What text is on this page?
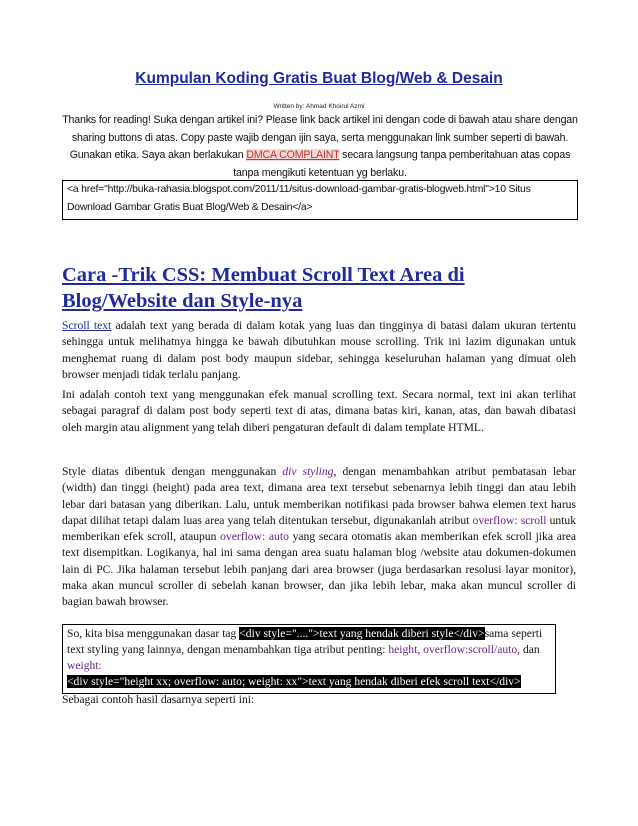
Kumpulan Koding Gratis Buat Blog/Web & Desain
Written by: Ahmad Khoirul Azmi
Thanks for reading! Suka dengan artikel ini? Please link back artikel ini dengan code di bawah atau share dengan sharing buttons di atas. Copy paste wajib dengan ijin saya, serta menggunakan link sumber seperti di bawah. Gunakan etika. Saya akan berlakukan DMCA COMPLAINT secara langsung tanpa pemberitahuan atas copas tanpa mengikuti ketentuan yg berlaku.
<a href="http://buka-rahasia.blogspot.com/2011/11/situs-download-gambar-gratis-blogweb.html">10 Situs Download Gambar Gratis Buat Blog/Web & Desain</a>
Cara -Trik CSS: Membuat Scroll Text Area di Blog/Website dan Style-nya
Scroll text adalah text yang berada di dalam kotak yang luas dan tingginya di batasi dalam ukuran tertentu sehingga untuk melihatnya hingga ke bawah dibutuhkan mouse scrolling. Trik ini lazim digunakan untuk menghemat ruang di dalam post body maupun sidebar, sehingga keseluruhan halaman yang dimuat oleh browser menjadi tidak terlalu panjang.
Ini adalah contoh text yang menggunakan efek manual scrolling text. Secara normal, text ini akan terlihat sebagai paragraf di dalam post body seperti text di atas, dimana batas kiri, kanan, atas, dan bawah dibatasi oleh margin atau alignment yang telah diberi pengaturan default di dalam template HTML.
Style diatas dibentuk dengan menggunakan div styling, dengan menambahkan atribut pembatasan lebar (width) dan tinggi (height) pada area text, dimana area text tersebut sebenarnya lebih tinggi dan atau lebih lebar dari batasan yang diberikan. Lalu, untuk memberikan notifikasi pada browser bahwa elemen text harus dapat dilihat tetapi dalam luas area yang telah ditentukan tersebut, digunakanlah atribut overflow: scroll untuk memberikan efek scroll, ataupun overflow: auto yang secara otomatis akan memberikan efek scroll jika area text disempitkan. Logikanya, hal ini sama dengan area suatu halaman blog /website atau dokumen-dokumen lain di PC. Jika halaman tersebut lebih panjang dari area browser (juga berdasarkan resolusi layar monitor), maka akan muncul scroller di sebelah kanan browser, dan jika lebih lebar, maka akan muncul scroller di bagian bawah browser.
So, kita bisa menggunakan dasar tag <div style="....">text yang hendak diberi style</div>sama seperti text styling yang lainnya, dengan menambahkan tiga atribut penting: height, overflow:scroll/auto, dan weight:
<div style="height xx; overflow: auto; weight: xx">text yang hendak diberi efek scroll text</div>
Sebagai contoh hasil dasarnya seperti ini:
